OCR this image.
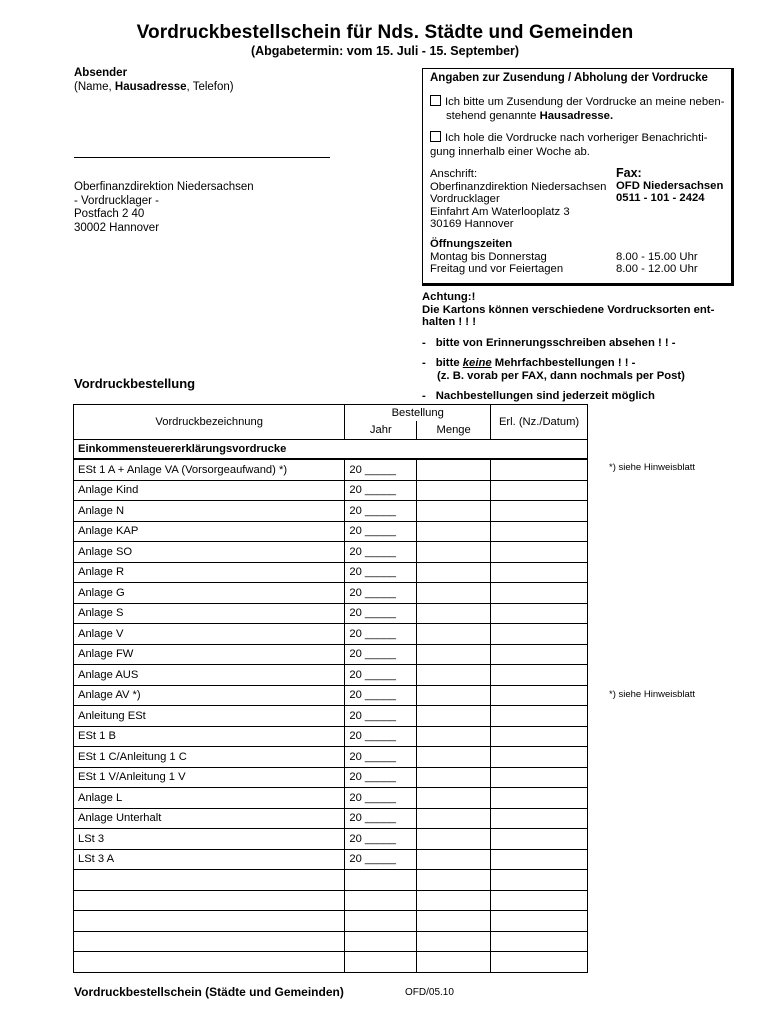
Vordruckbestellschein für Nds. Städte und Gemeinden
(Abgabetermin: vom 15. Juli - 15. September)
Absender
(Name, Hausadresse, Telefon)
Oberfinanzdirektion Niedersachsen
- Vordrucklager -
Postfach 2 40
30002 Hannover
Angaben zur Zusendung / Abholung der Vordrucke
Ich bitte um Zusendung der Vordrucke an meine neben-
stehend genannte Hausadresse.
Ich hole die Vordrucke nach vorheriger Benachrichti-
gung innerhalb einer Woche ab.
Anschrift:
Oberfinanzdirektion Niedersachsen
Vordrucklager
Einfahrt Am Waterlooplatz 3
30169 Hannover
Fax:
OFD Niedersachsen
0511 - 101 - 2424
Öffnungszeiten
Montag bis Donnerstag	8.00 - 15.00 Uhr
Freitag und vor Feiertagen	8.00 - 12.00 Uhr
Achtung:!
Die Kartons können verschiedene Vordrucksorten ent-
halten ! ! !
- bitte von Erinnerungsschreiben absehen ! ! -
- bitte keine Mehrfachbestellungen ! ! -
(z. B. vorab per FAX, dann nochmals per Post)
- Nachbestellungen sind jederzeit möglich
Vordruckbestellung
Vordruckbezeichnung	Bestellung		Erl. (Nz./Datum)
	Jahr	Menge	
Einkommensteuererklärungsvordrucke			
ESt 1 A + Anlage VA (Vorsorgeaufwand) *)	20 _____		
Anlage Kind	20 _____		
Anlage N	20 _____		
Anlage KAP	20 _____		
Anlage SO	20 _____		
Anlage R	20 _____		
Anlage G	20 _____		
Anlage S	20 _____		
Anlage V	20 _____		
Anlage FW	20 _____		
Anlage AUS	20 _____		
Anlage AV *)	20 _____		
Anleitung ESt	20 _____		
ESt 1 B	20 _____		
ESt 1 C/Anleitung 1 C	20 _____		
ESt 1 V/Anleitung 1 V	20 _____		
Anlage L	20 _____		
Anlage Unterhalt	20 _____		
LSt 3	20 _____		
LSt 3 A	20 _____		

Vordruckbestellschein (Städte und Gemeinden)	OFD/05.10
*) siehe Hinweisblatt
*) siehe Hinweisblatt
